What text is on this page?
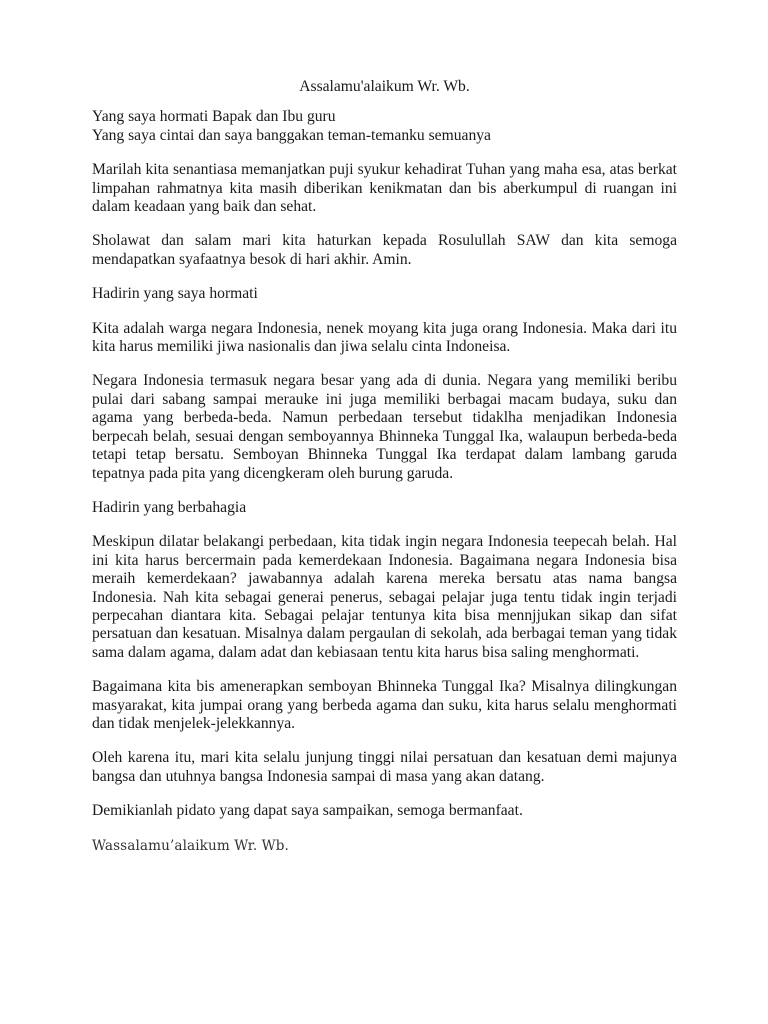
Assalamu'alaikum Wr. Wb.
Yang saya hormati Bapak dan Ibu guru
Yang saya cintai dan saya banggakan teman-temanku semuanya
Marilah kita senantiasa memanjatkan puji syukur kehadirat Tuhan yang maha esa, atas berkat limpahan rahmatnya kita masih diberikan kenikmatan dan bis aberkumpul di ruangan ini dalam keadaan yang baik dan sehat.
Sholawat dan salam mari kita haturkan kepada Rosulullah SAW dan kita semoga mendapatkan syafaatnya besok di hari akhir. Amin.
Hadirin yang saya hormati
Kita adalah warga negara Indonesia, nenek moyang kita juga orang Indonesia. Maka dari itu kita harus memiliki jiwa nasionalis dan jiwa selalu cinta Indoneisa.
Negara Indonesia termasuk negara besar yang ada di dunia. Negara yang memiliki beribu pulai dari sabang sampai merauke ini juga memiliki berbagai macam budaya, suku dan agama yang berbeda-beda. Namun perbedaan tersebut tidaklha menjadikan Indonesia berpecah belah, sesuai dengan semboyannya Bhinneka Tunggal Ika, walaupun berbeda-beda tetapi tetap bersatu. Semboyan Bhinneka Tunggal Ika terdapat dalam lambang garuda tepatnya pada pita yang dicengkeram oleh burung garuda.
Hadirin yang berbahagia
Meskipun dilatar belakangi perbedaan, kita tidak ingin negara Indonesia teepecah belah. Hal ini kita harus bercermain pada kemerdekaan Indonesia. Bagaimana negara Indonesia bisa meraih kemerdekaan? jawabannya adalah karena mereka bersatu atas nama bangsa Indonesia. Nah kita sebagai generai penerus, sebagai pelajar juga tentu tidak ingin terjadi perpecahan diantara kita. Sebagai pelajar tentunya kita bisa mennjjukan sikap dan sifat persatuan dan kesatuan. Misalnya dalam pergaulan di sekolah, ada berbagai teman yang tidak sama dalam agama, dalam adat dan kebiasaan tentu kita harus bisa saling menghormati.
Bagaimana kita bis amenerapkan semboyan Bhinneka Tunggal Ika? Misalnya dilingkungan masyarakat, kita jumpai orang yang berbeda agama dan suku, kita harus selalu menghormati dan tidak menjelek-jelekkannya.
Oleh karena itu, mari kita selalu junjung tinggi nilai persatuan dan kesatuan demi majunya bangsa dan utuhnya bangsa Indonesia sampai di masa yang akan datang.
Demikianlah pidato yang dapat saya sampaikan, semoga bermanfaat.
Wassalamu’alaikum Wr. Wb.
